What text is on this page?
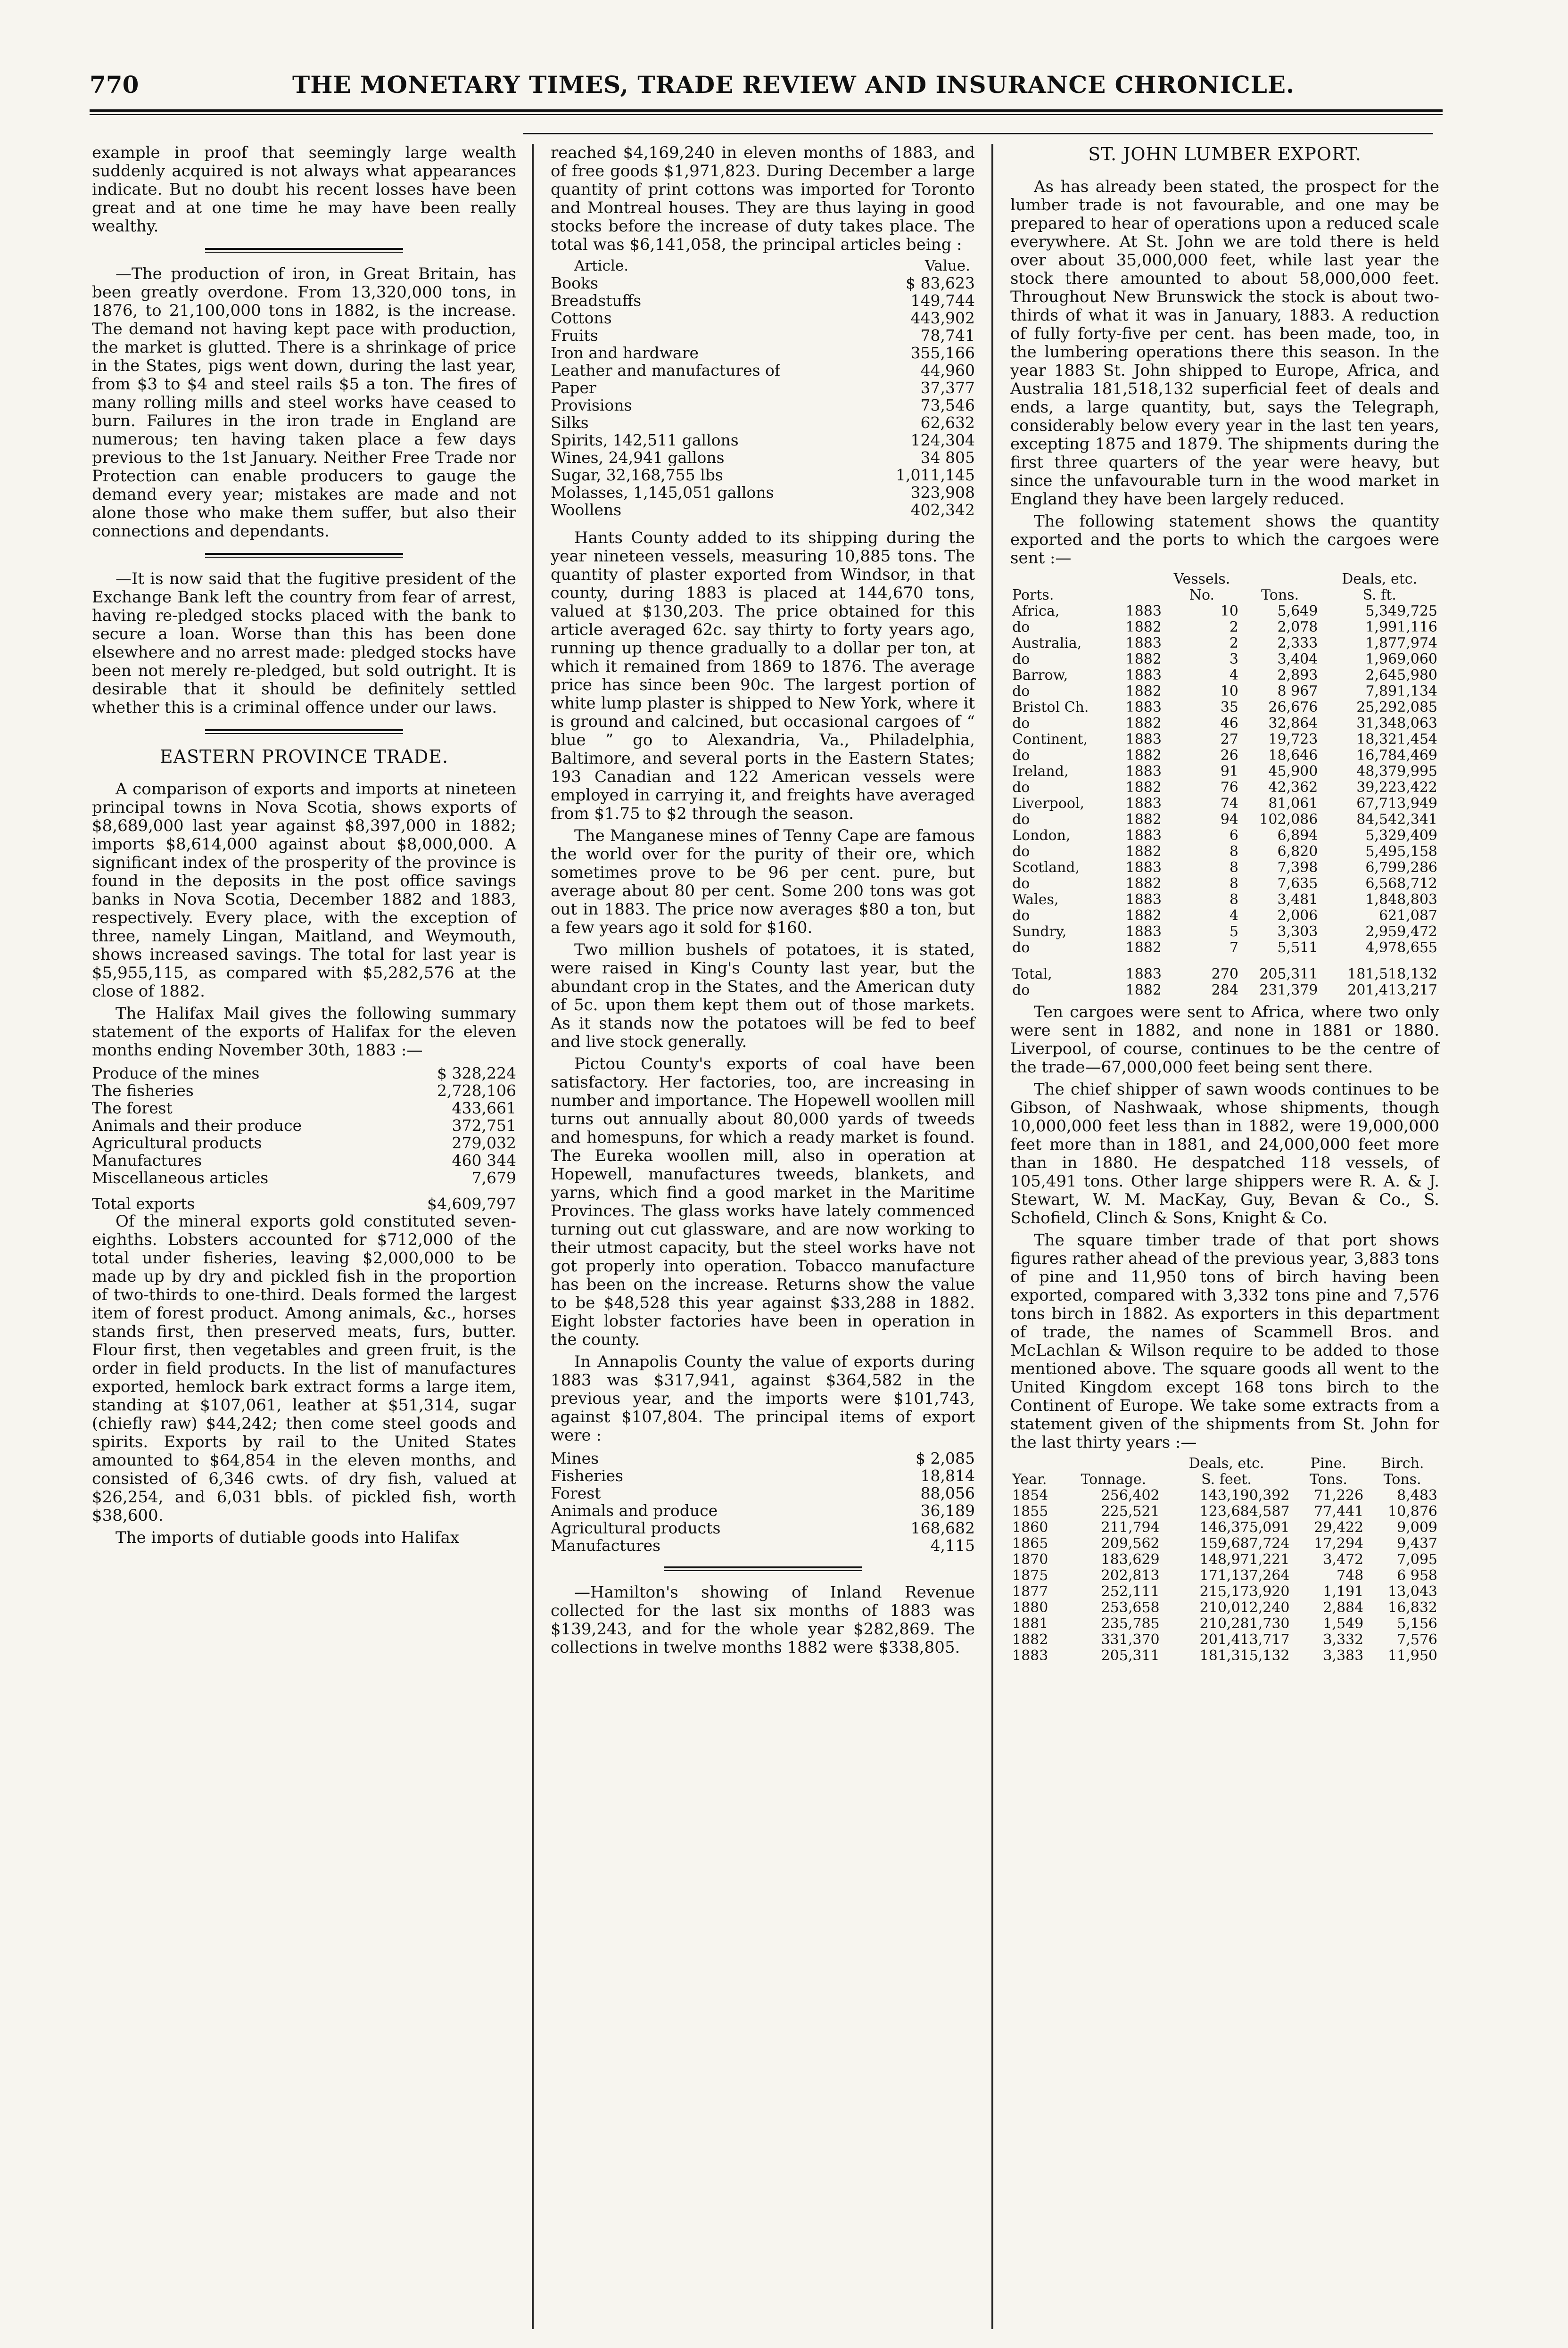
770	THE MONETARY TIMES, TRADE REVIEW AND INSURANCE CHRONICLE.

example in proof that seemingly large wealth suddenly acquired is not always what appearances indicate. But no doubt his recent losses have been great and at one time he may have been really wealthy.

—The production of iron, in Great Britain, has been greatly overdone. From 13,320,000 tons, in 1876, to 21,100,000 tons in 1882, is the increase. The demand not having kept pace with production, the market is glutted. There is a shrinkage of price in the States, pigs went down, during the last year, from $3 to $4 and steel rails $5 a ton. The fires of many rolling mills and steel works have ceased to burn. Failures in the iron trade in England are numerous; ten having taken place a few days previous to the 1st January. Neither Free Trade nor Protection can enable producers to gauge the demand every year; mistakes are made and not alone those who make them suffer, but also their connections and dependants.

—It is now said that the fugitive president of the Exchange Bank left the country from fear of arrest, having re-pledged stocks placed with the bank to secure a loan. Worse than this has been done elsewhere and no arrest made: pledged stocks have been not merely re-pledged, but sold outright. It is desirable that it should be definitely settled whether this is a criminal offence under our laws.

EASTERN PROVINCE TRADE.

A comparison of exports and imports at nineteen principal towns in Nova Scotia, shows exports of $8,689,000 last year against $8,397,000 in 1882; imports $8,614,000 against about $8,000,000. A significant index of the prosperity of the province is found in the deposits in the post office savings banks in Nova Scotia, December 1882 and 1883, respectively. Every place, with the exception of three, namely Lingan, Maitland, and Weymouth, shows increased savings. The total for last year is $5,955,115, as compared with $5,282,576 at the close of 1882.

The Halifax Mail gives the following summary statement of the exports of Halifax for the eleven months ending November 30th, 1883 :—

Produce of the mines	$ 328,224
The fisheries	2,728,106
The forest	433,661
Animals and their produce	372,751
Agricultural products	279,032
Manufactures	460 344
Miscellaneous articles	7,679
Total exports	$4,609,797

Of the mineral exports gold constituted seven-eighths. Lobsters accounted for $712,000 of the total under fisheries, leaving $2,000,000 to be made up by dry and pickled fish in the proportion of two-thirds to one-third. Deals formed the largest item of forest product. Among animals, &c., horses stands first, then preserved meats, furs, butter. Flour first, then vegetables and green fruit, is the order in field products. In the list of manufactures exported, hemlock bark extract forms a large item, standing at $107,061, leather at $51,314, sugar (chiefly raw) $44,242; then come steel goods and spirits. Exports by rail to the United States amounted to $64,854 in the eleven months, and consisted of 6,346 cwts. of dry fish, valued at $26,254, and 6,031 bbls. of pickled fish, worth $38,600.

The imports of dutiable goods into Halifax

reached $4,169,240 in eleven months of 1883, and of free goods $1,971,823. During December a large quantity of print cottons was imported for Toronto and Montreal houses. They are thus laying in good stocks before the increase of duty takes place. The total was $6,141,058, the principal articles being :

Article.	Value.
Books	$ 83,623
Breadstuffs	149,744
Cottons	443,902
Fruits	78,741
Iron and hardware	355,166
Leather and manufactures of	44,960
Paper	37,377
Provisions	73,546
Silks	62,632
Spirits, 142,511 gallons	124,304
Wines, 24,941 gallons	34 805
Sugar, 32,168,755 lbs	1,011,145
Molasses, 1,145,051 gallons	323,908
Woollens	402,342

Hants County added to its shipping during the year nineteen vessels, measuring 10,885 tons. The quantity of plaster exported from Windsor, in that county, during 1883 is placed at 144,670 tons, valued at $130,203. The price obtained for this article averaged 62c. say thirty to forty years ago, running up thence gradually to a dollar per ton, at which it remained from 1869 to 1876. The average price has since been 90c. The largest portion of white lump plaster is shipped to New York, where it is ground and calcined, but occasional cargoes of “ blue ” go to Alexandria, Va., Philadelphia, Baltimore, and several ports in the Eastern States; 193 Canadian and 122 American vessels were employed in carrying it, and freights have averaged from $1.75 to $2 through the season.

The Manganese mines of Tenny Cape are famous the world over for the purity of their ore, which sometimes prove to be 96 per cent. pure, but average about 80 per cent. Some 200 tons was got out in 1883. The price now averages $80 a ton, but a few years ago it sold for $160.

Two million bushels of potatoes, it is stated, were raised in King's County last year, but the abundant crop in the States, and the American duty of 5c. upon them kept them out of those markets. As it stands now the potatoes will be fed to beef and live stock generally.

Pictou County's exports of coal have been satisfactory. Her factories, too, are increasing in number and importance. The Hopewell woollen mill turns out annually about 80,000 yards of tweeds and homespuns, for which a ready market is found. The Eureka woollen mill, also in operation at Hopewell, manufactures tweeds, blankets, and yarns, which find a good market in the Maritime Provinces. The glass works have lately commenced turning out cut glassware, and are now working to their utmost capacity, but the steel works have not got properly into operation. Tobacco manufacture has been on the increase. Returns show the value to be $48,528 this year against $33,288 in 1882. Eight lobster factories have been in operation in the county.

In Annapolis County the value of exports during 1883 was $317,941, against $364,582 in the previous year, and the imports were $101,743, against $107,804. The principal items of export were :

Mines	$ 2,085
Fisheries	18,814
Forest	88,056
Animals and produce	36,189
Agricultural products	168,682
Manufactures	4,115

—Hamilton's showing of Inland Revenue collected for the last six months of 1883 was $139,243, and for the whole year $282,869. The collections in twelve months 1882 were $338,805.

ST. JOHN LUMBER EXPORT.

As has already been stated, the prospect for the lumber trade is not favourable, and one may be prepared to hear of operations upon a reduced scale everywhere. At St. John we are told there is held over about 35,000,000 feet, while last year the stock there amounted to about 58,000,000 feet. Throughout New Brunswick the stock is about two-thirds of what it was in January, 1883. A reduction of fully forty-five per cent. has been made, too, in the lumbering operations there this season. In the year 1883 St. John shipped to Europe, Africa, and Australia 181,518,132 superficial feet of deals and ends, a large quantity, but, says the Telegraph, considerably below every year in the last ten years, excepting 1875 and 1879. The shipments during the first three quarters of the year were heavy, but since the unfavourable turn in the wood market in England they have been largely reduced.

The following statement shows the quantity exported and the ports to which the cargoes were sent :—

		Vessels.		Deals, etc.
Ports.		No.	Tons.	S. ft.
Africa,	1883	10	5,649	5,349,725
do	1882	2	2,078	1,991,116
Australia,	1883	2	2,333	1,877,974
do	1882	3	3,404	1,969,060
Barrow,	1883	4	2,893	2,645,980
do	1882	10	8 967	7,891,134
Bristol Ch.	1883	35	26,676	25,292,085
do	1882	46	32,864	31,348,063
Continent,	1883	27	19,723	18,321,454
do	1882	26	18,646	16,784,469
Ireland,	1883	91	45,900	48,379,995
do	1882	76	42,362	39,223,422
Liverpool,	1883	74	81,061	67,713,949
do	1882	94	102,086	84,542,341
London,	1883	6	6,894	5,329,409
do	1882	8	6,820	5,495,158
Scotland,	1883	8	7,398	6,799,286
do	1882	8	7,635	6,568,712
Wales,	1883	8	3,481	1,848,803
do	1882	4	2,006	621,087
Sundry,	1883	5	3,303	2,959,472
do	1882	7	5,511	4,978,655
Total,	1883	270	205,311	181,518,132
do	1882	284	231,379	201,413,217

Ten cargoes were sent to Africa, where two only were sent in 1882, and none in 1881 or 1880. Liverpool, of course, continues to be the centre of the trade—67,000,000 feet being sent there.

The chief shipper of sawn woods continues to be Gibson, of Nashwaak, whose shipments, though 10,000,000 feet less than in 1882, were 19,000,000 feet more than in 1881, and 24,000,000 feet more than in 1880. He despatched 118 vessels, of 105,491 tons. Other large shippers were R. A. & J. Stewart, W. M. MacKay, Guy, Bevan & Co., S. Schofield, Clinch & Sons, Knight & Co.

The square timber trade of that port shows figures rather ahead of the previous year, 3,883 tons of pine and 11,950 tons of birch having been exported, compared with 3,332 tons pine and 7,576 tons birch in 1882. As exporters in this department of trade, the names of Scammell Bros. and McLachlan & Wilson require to be added to those mentioned above. The square goods all went to the United Kingdom except 168 tons birch to the Continent of Europe. We take some extracts from a statement given of the shipments from St. John for the last thirty years :—

		Deals, etc.	Pine.	Birch.
Year.	Tonnage.	S. feet.	Tons.	Tons.
1854	256,402	143,190,392	71,226	8,483
1855	225,521	123,684,587	77,441	10,876
1860	211,794	146,375,091	29,422	9,009
1865	209,562	159,687,724	17,294	9,437
1870	183,629	148,971,221	3,472	7,095
1875	202,813	171,137,264	748	6 958
1877	252,111	215,173,920	1,191	13,043
1880	253,658	210,012,240	2,884	16,832
1881	235,785	210,281,730	1,549	5,156
1882	331,370	201,413,717	3,332	7,576
1883	205,311	181,315,132	3,383	11,950
